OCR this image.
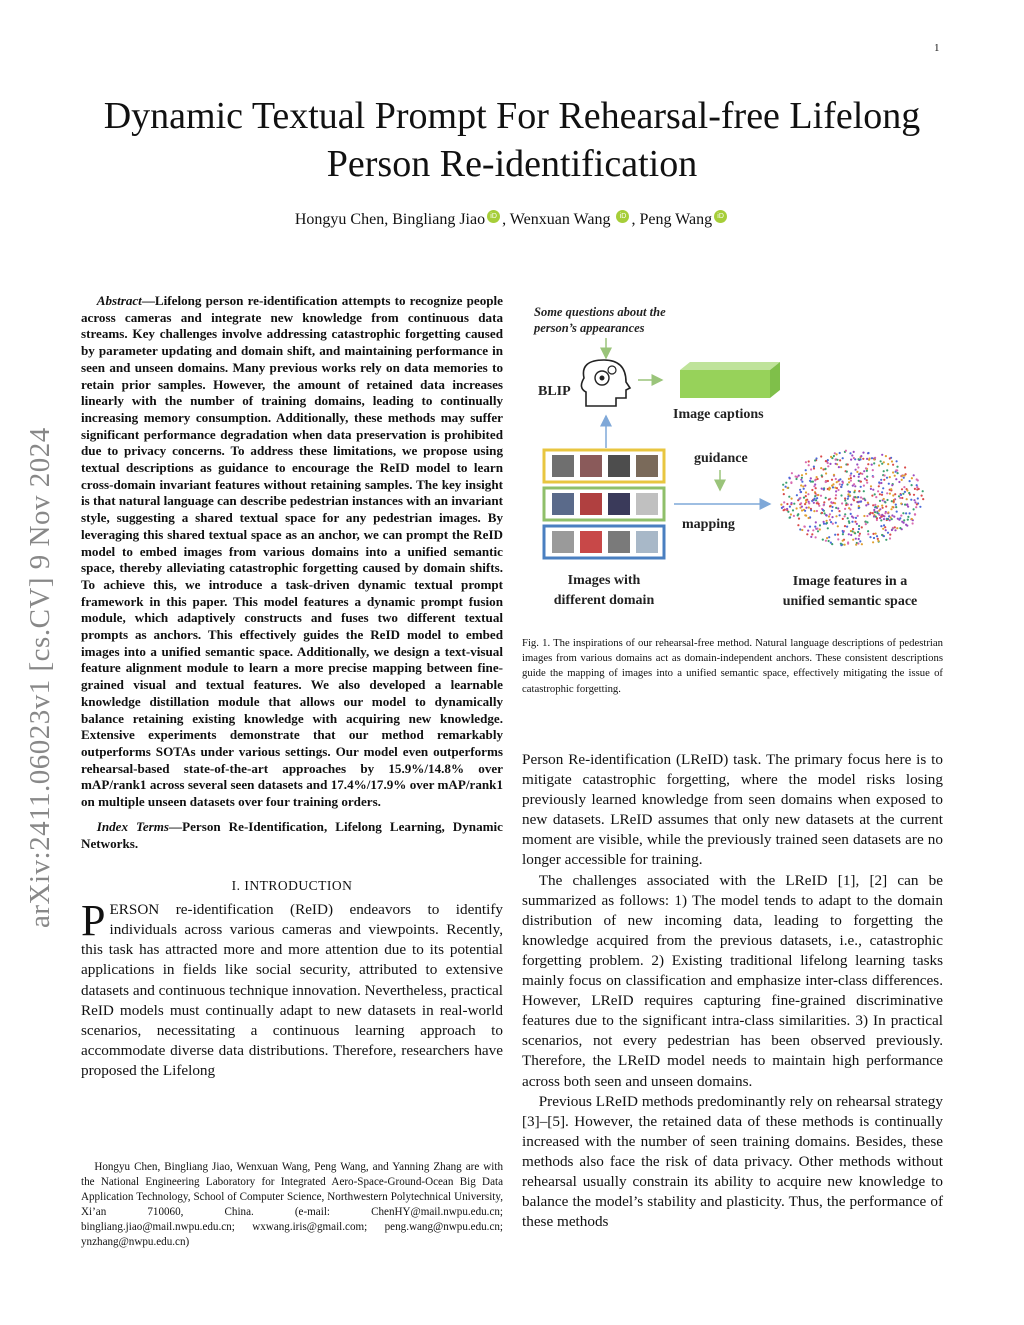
1
arXiv:2411.06023v1 [cs.CV] 9 Nov 2024
Dynamic Textual Prompt For Rehearsal-free Lifelong Person Re-identification
Hongyu Chen, Bingliang Jiao iD , Wenxuan Wang iD , Peng Wang iD

Abstract—Lifelong person re-identification attempts to recognize people across cameras and integrate new knowledge from continuous data streams. Key challenges involve addressing catastrophic forgetting caused by parameter updating and domain shift, and maintaining performance in seen and unseen domains. Many previous works rely on data memories to retain prior samples. However, the amount of retained data increases linearly with the number of training domains, leading to continually increasing memory consumption. Additionally, these methods may suffer significant performance degradation when data preservation is prohibited due to privacy concerns. To address these limitations, we propose using textual descriptions as guidance to encourage the ReID model to learn cross-domain invariant features without retaining samples. The key insight is that natural language can describe pedestrian instances with an invariant style, suggesting a shared textual space for any pedestrian images. By leveraging this shared textual space as an anchor, we can prompt the ReID model to embed images from various domains into a unified semantic space, thereby alleviating catastrophic forgetting caused by domain shifts. To achieve this, we introduce a task-driven dynamic textual prompt framework in this paper. This model features a dynamic prompt fusion module, which adaptively constructs and fuses two different textual prompts as anchors. This effectively guides the ReID model to embed images into a unified semantic space. Additionally, we design a text-visual feature alignment module to learn a more precise mapping between fine-grained visual and textual features. We also developed a learnable knowledge distillation module that allows our model to dynamically balance retaining existing knowledge with acquiring new knowledge. Extensive experiments demonstrate that our method remarkably outperforms SOTAs under various settings. Our model even outperforms rehearsal-based state-of-the-art approaches by 15.9%/14.8% over mAP/rank1 across several seen datasets and 17.4%/17.9% over mAP/rank1 on multiple unseen datasets over four training orders.

Index Terms—Person Re-Identification, Lifelong Learning, Dynamic Networks.

I. INTRODUCTION

PERSON re-identification (ReID) endeavors to identify individuals across various cameras and viewpoints. Recently, this task has attracted more and more attention due to its potential applications in fields like social security, attributed to extensive datasets and continuous technique innovation. Nevertheless, practical ReID models must continually adapt to new datasets in real-world scenarios, necessitating a continuous learning approach to accommodate diverse data distributions. Therefore, researchers have proposed the Lifelong

Hongyu Chen, Bingliang Jiao, Wenxuan Wang, Peng Wang, and Yanning Zhang are with the National Engineering Laboratory for Integrated Aero-Space-Ground-Ocean Big Data Application Technology, School of Computer Science, Northwestern Polytechnical University, Xi’an 710060, China. (e-mail: ChenHY@mail.nwpu.edu.cn; bingliang.jiao@mail.nwpu.edu.cn; wxwang.iris@gmail.com; peng.wang@nwpu.edu.cn; ynzhang@nwpu.edu.cn)

Some questions about the
person’s appearances
BLIP
Image captions
guidance
mapping
Images with
different domain
Image features in a
unified semantic space

Fig. 1. The inspirations of our rehearsal-free method. Natural language descriptions of pedestrian images from various domains act as domain-independent anchors. These consistent descriptions guide the mapping of images into a unified semantic space, effectively mitigating the issue of catastrophic forgetting.

Person Re-identification (LReID) task. The primary focus here is to mitigate catastrophic forgetting, where the model risks losing previously learned knowledge from seen domains when exposed to new datasets. LReID assumes that only new datasets at the current moment are visible, while the previously trained seen datasets are no longer accessible for training.

The challenges associated with the LReID [1], [2] can be summarized as follows: 1) The model tends to adapt to the domain distribution of new incoming data, leading to forgetting the knowledge acquired from the previous datasets, i.e., catastrophic forgetting problem. 2) Existing traditional lifelong learning tasks mainly focus on classification and emphasize inter-class differences. However, LReID requires capturing fine-grained discriminative features due to the significant intra-class similarities. 3) In practical scenarios, not every pedestrian has been observed previously. Therefore, the LReID model needs to maintain high performance across both seen and unseen domains.

Previous LReID methods predominantly rely on rehearsal strategy [3]–[5]. However, the retained data of these methods is continually increased with the number of seen training domains. Besides, these methods also face the risk of data privacy. Other methods without rehearsal usually constrain its ability to acquire new knowledge to balance the model’s stability and plasticity. Thus, the performance of these methods
